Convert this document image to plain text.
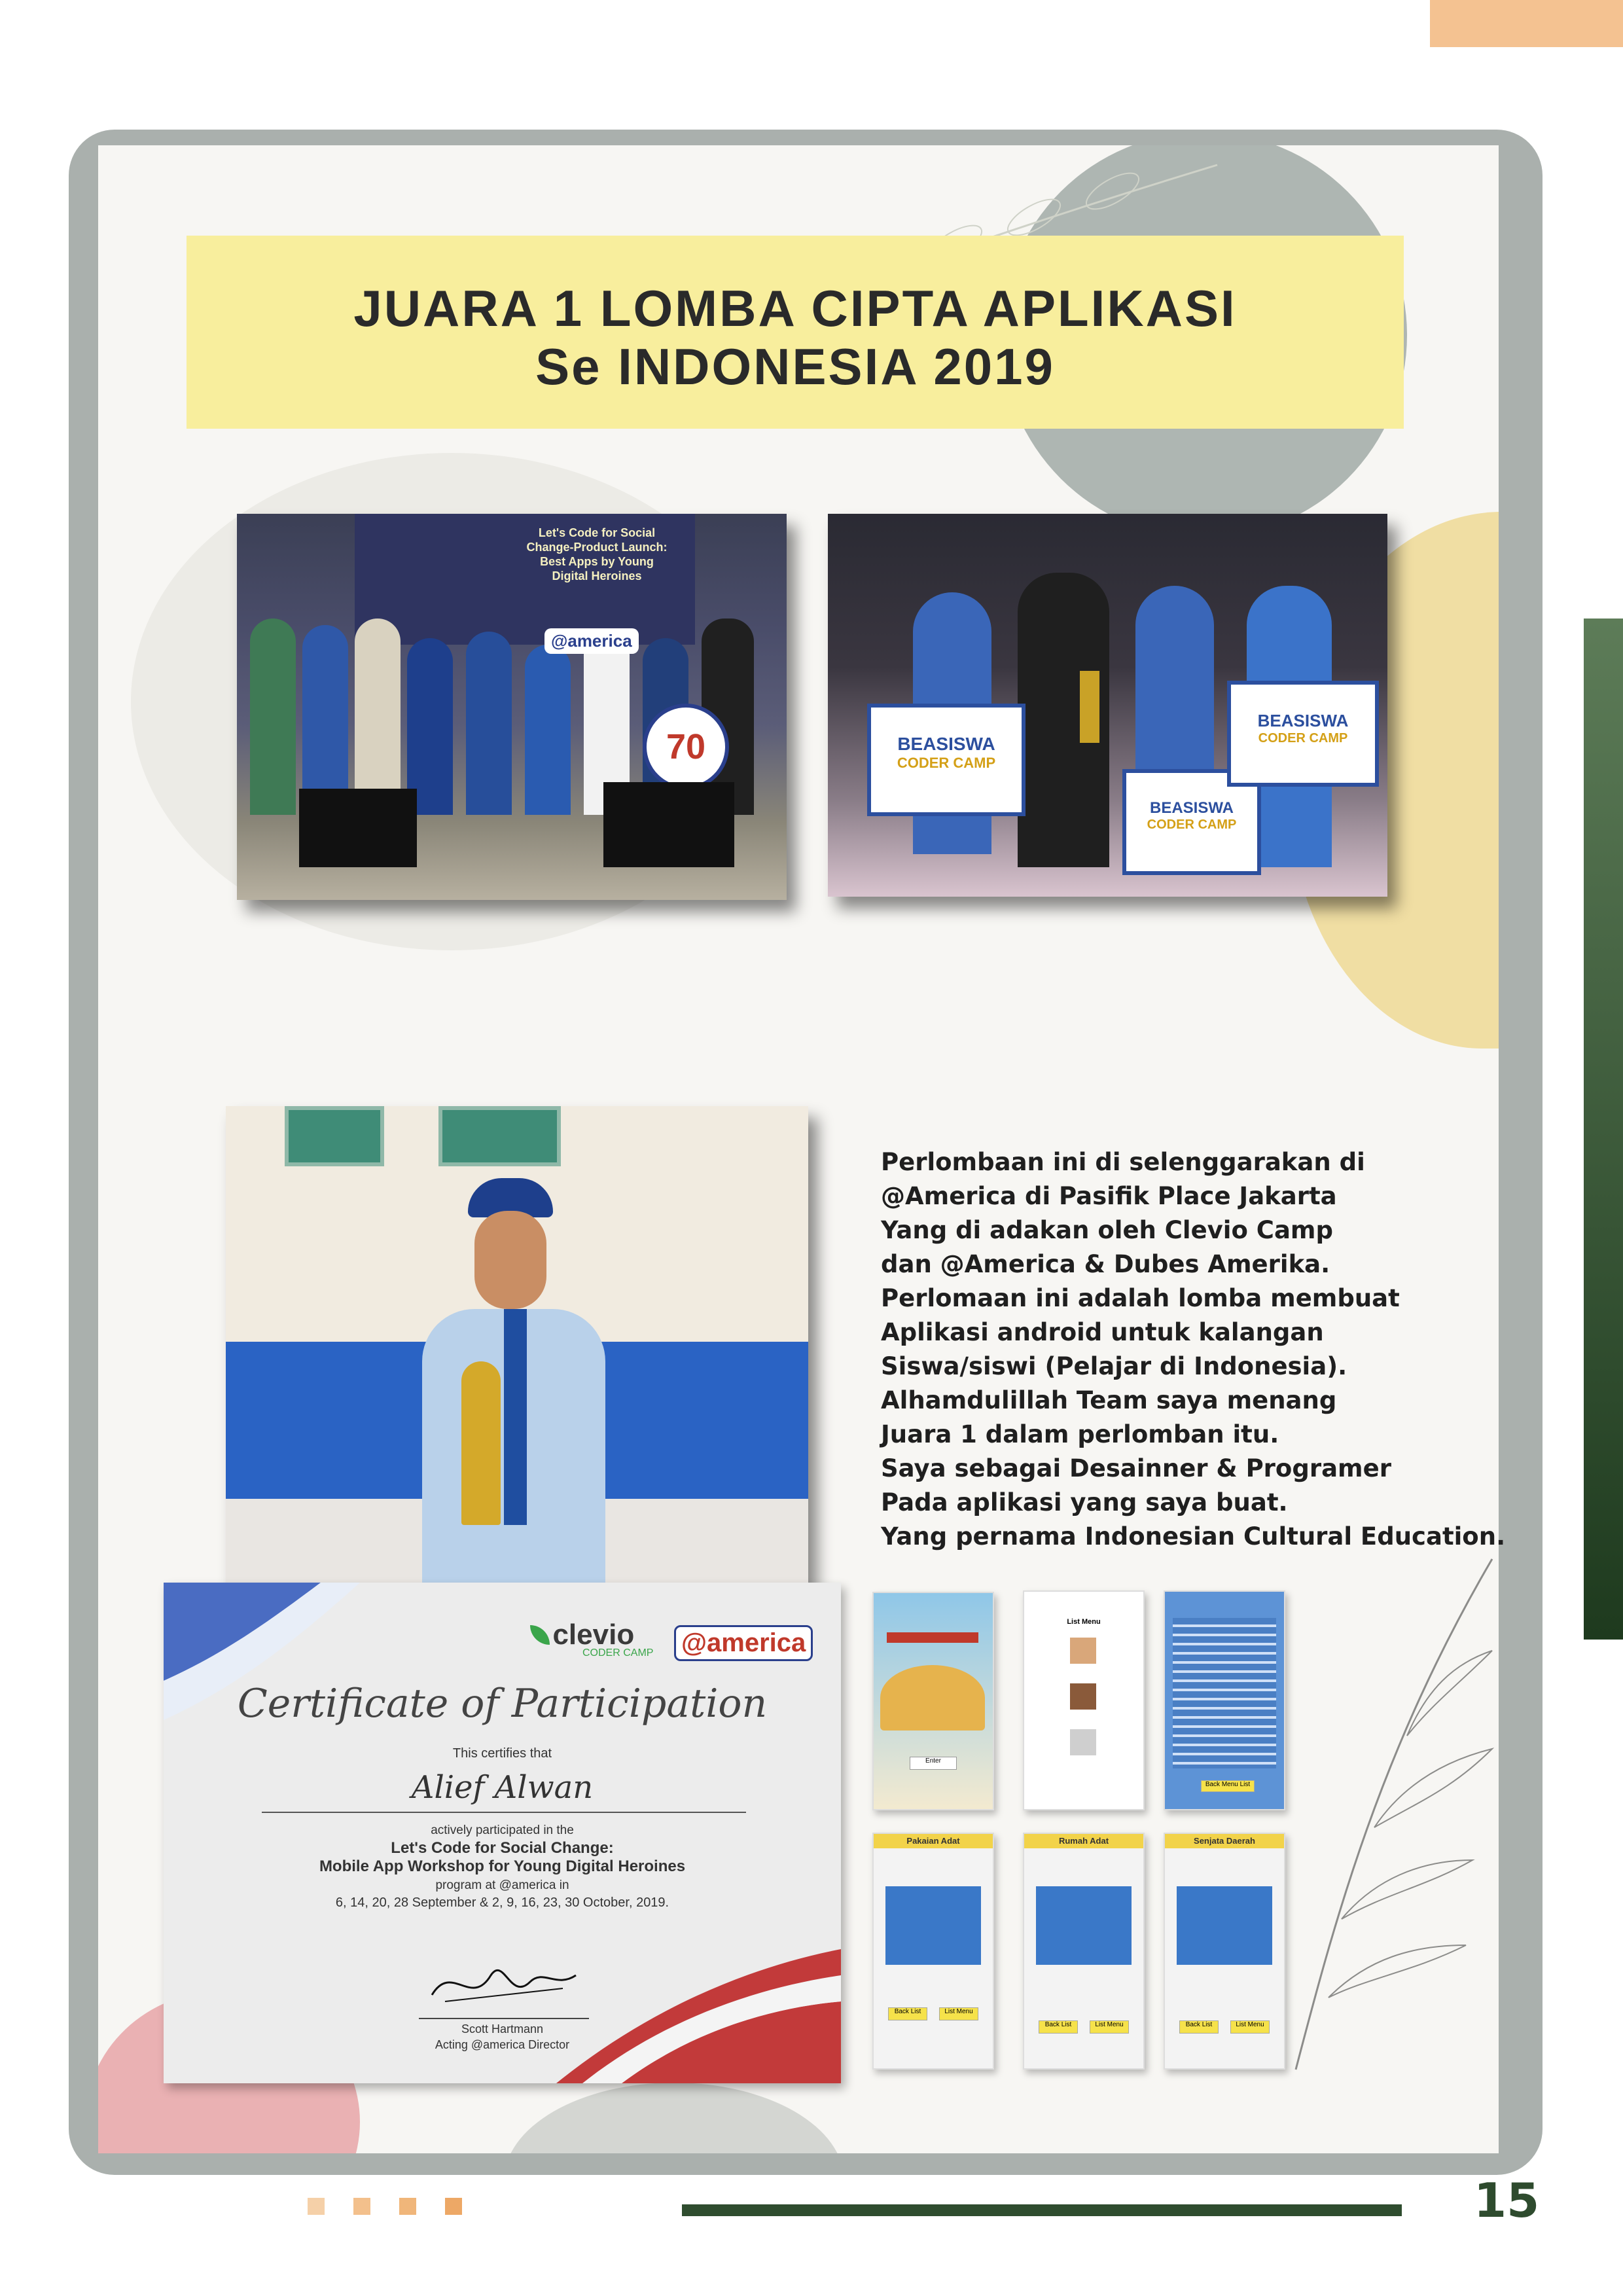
JUARA 1 LOMBA CIPTA APLIKASI
Se INDONESIA 2019
Let's Code for Social
Change-Product Launch:
Best Apps by Young
Digital Heroines
@america
70	BEASISWA
CODER CAMP
BEASISWA
CODER CAMP
BEASISWA
CODER CAMP
Perlombaan ini di selenggarakan di
@America di Pasifik Place Jakarta
Yang di adakan oleh Clevio Camp
dan @America & Dubes Amerika.
Perlomaan ini adalah lomba membuat
Aplikasi android untuk kalangan
Siswa/siswi (Pelajar di Indonesia).
Alhamdulillah Team saya menang
Juara 1 dalam perlomban itu.
Saya sebagai Desainner & Programer
Pada aplikasi yang saya buat.
Yang pernama Indonesian Cultural Education.
clevio
CODER CAMP @america
Certificate of Participation
This certifies that
Alief Alwan
actively participated in the
Let's Code for Social Change:
Mobile App Workshop for Young Digital Heroines
program at @america in
6, 14, 20, 28 September & 2, 9, 16, 23, 30 October, 2019.
Scott Hartmann
Acting @america Director
Enter
List Menu
Back Menu List
Pakaian Adat
Back List	List Menu
Rumah Adat
Back List	List Menu
Senjata Daerah
Back List	List Menu
15
